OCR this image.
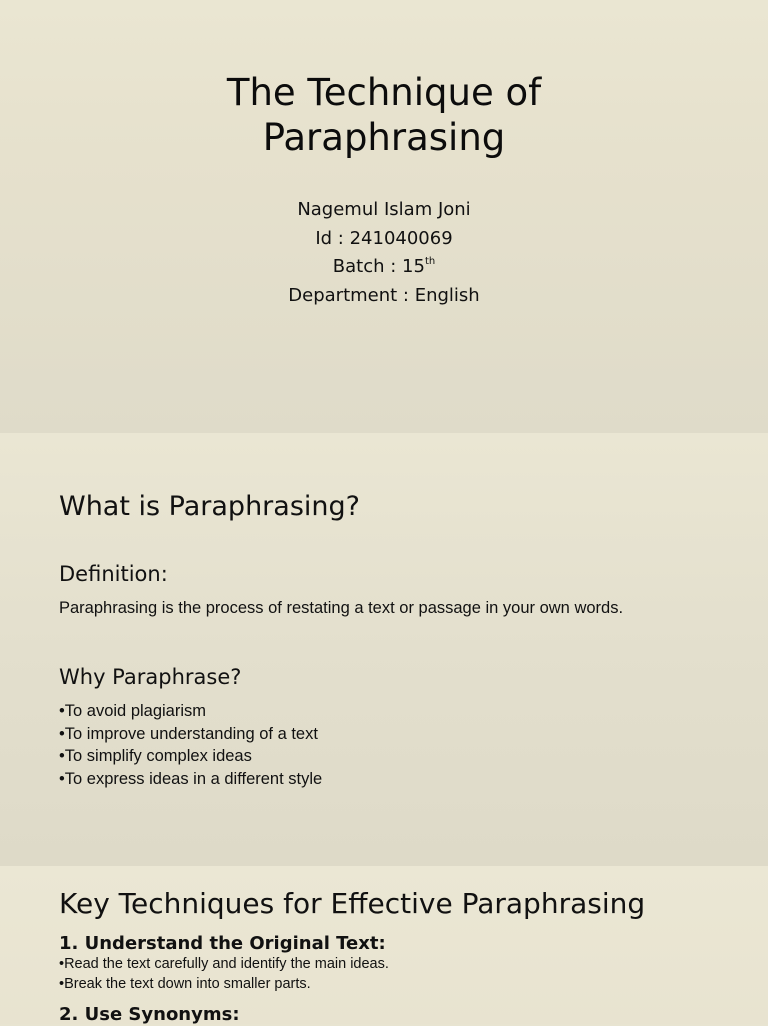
The Technique of
Paraphrasing
Nagemul Islam Joni
Id : 241040069
Batch : 15th
Department : English
What is Paraphrasing?
Definition:

Paraphrasing is the process of restating a text or passage in your own words.

Why Paraphrase?
•To avoid plagiarism
•To improve understanding of a text
•To simplify complex ideas
•To express ideas in a different style
Key Techniques for Effective Paraphrasing
1. Understand the Original Text:
•Read the text carefully and identify the main ideas.
•Break the text down into smaller parts.
2. Use Synonyms:
